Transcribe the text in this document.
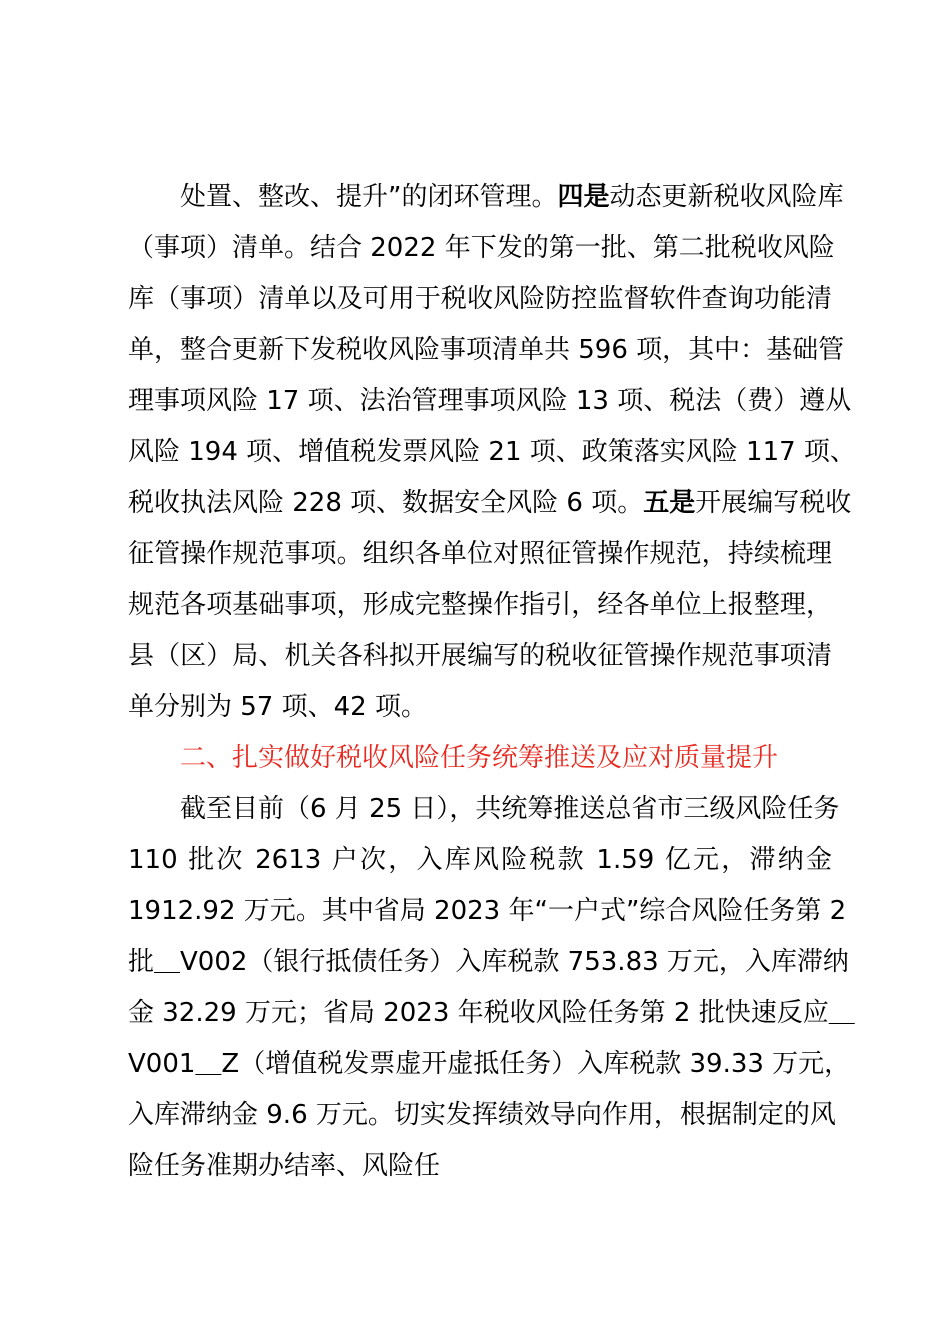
处置、整改、提升”的闭环管理。四是动态更新税收风险库
（事项）清单。结合 2022 年下发的第一批、第二批税收风险
库（事项）清单以及可用于税收风险防控监督软件查询功能清
单，整合更新下发税收风险事项清单共 596 项，其中：基础管
理事项风险 17 项、法治管理事项风险 13 项、税法（费）遵从
风险 194 项、增值税发票风险 21 项、政策落实风险 117 项、
税收执法风险 228 项、数据安全风险 6 项。五是开展编写税收
征管操作规范事项。组织各单位对照征管操作规范，持续梳理
规范各项基础事项，形成完整操作指引，经各单位上报整理，
县（区）局、机关各科拟开展编写的税收征管操作规范事项清
单分别为 57 项、42 项。
二、扎实做好税收风险任务统筹推送及应对质量提升
截至目前（6 月 25 日），共统筹推送总省市三级风险任务
110 批次 2613 户次，入库风险税款 1.59 亿元，滞纳金
1912.92 万元。其中省局 2023 年“一户式”综合风险任务第 2
批＿V002（银行抵债任务）入库税款 753.83 万元，入库滞纳
金 32.29 万元；省局 2023 年税收风险任务第 2 批快速反应＿
V001＿Z（增值税发票虚开虚抵任务）入库税款 39.33 万元，
入库滞纳金 9.6 万元。切实发挥绩效导向作用，根据制定的风
险任务准期办结率、风险任
